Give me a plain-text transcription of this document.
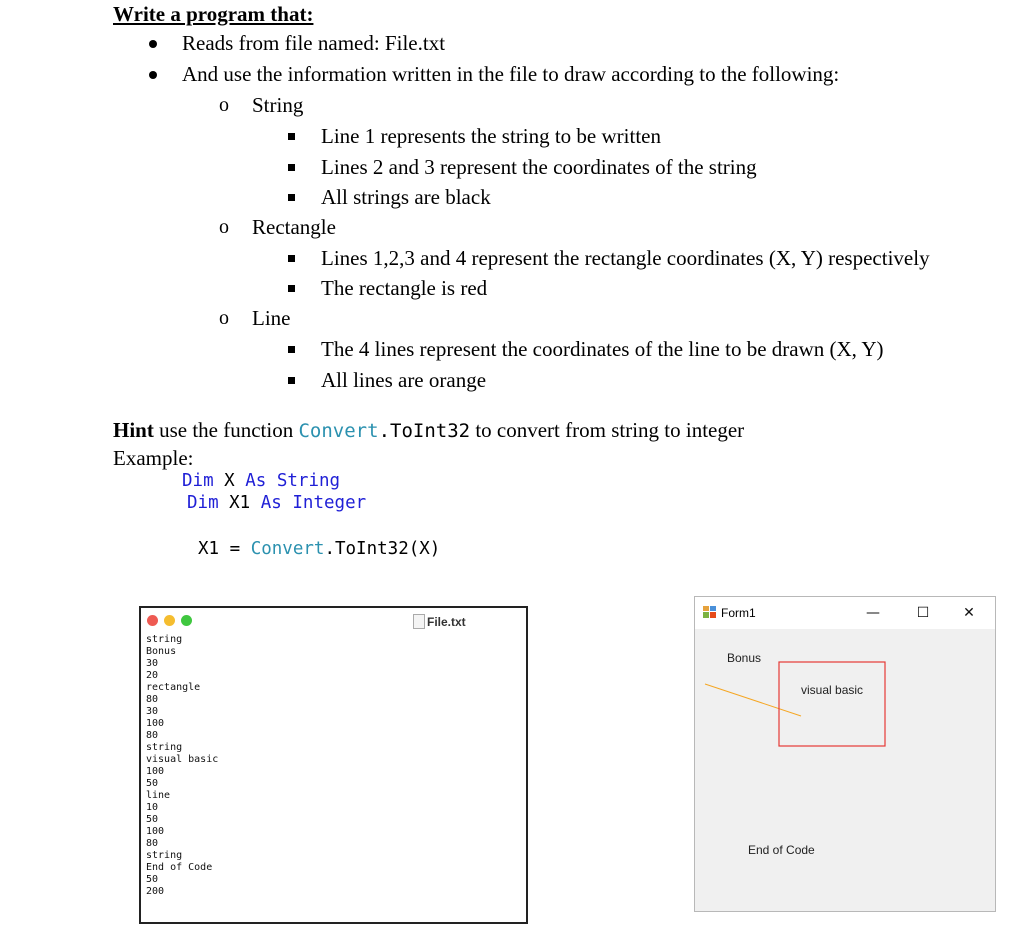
Write a program that:
Reads from file named: File.txt
And use the information written in the file to draw according to the following:
o String
Line 1 represents the string to be written
Lines 2 and 3 represent the coordinates of the string
All strings are black
o Rectangle
Lines 1,2,3 and 4 represent the rectangle coordinates (X, Y) respectively
The rectangle is red
o Line
The 4 lines represent the coordinates of the line to be drawn (X, Y)
All lines are orange
Hint use the function Convert.ToInt32 to convert from string to integer
Example:
Dim X As String
Dim X1 As Integer
X1 = Convert.ToInt32(X)
File.txt
string
Bonus
30
20
rectangle
80
30
100
80
string
visual basic
100
50
line
10
50
100
80
string
End of Code
50
200
Form1	—	☐	✕
Bonus
visual basic
End of Code
